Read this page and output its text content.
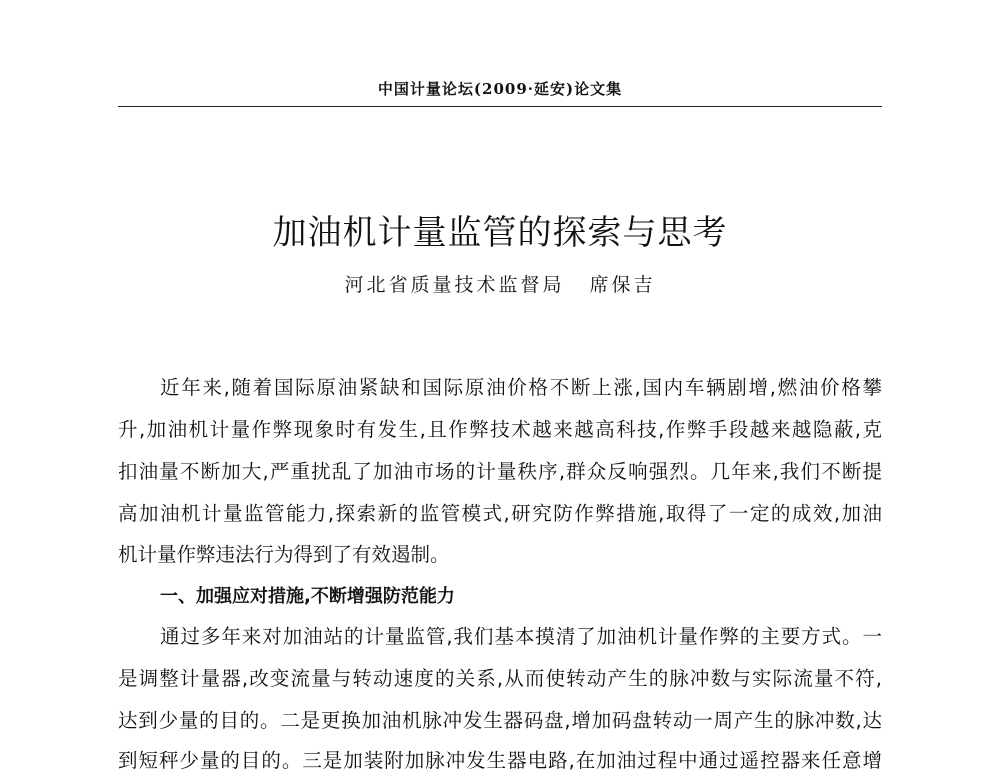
中国计量论坛(2009·延安)论文集
加油机计量监管的探索与思考
河北省质量技术监督局 席保吉
近年来,随着国际原油紧缺和国际原油价格不断上涨,国内车辆剧增,燃油价格攀
升,加油机计量作弊现象时有发生,且作弊技术越来越高科技,作弊手段越来越隐蔽,克
扣油量不断加大,严重扰乱了加油市场的计量秩序,群众反响强烈。几年来,我们不断提
高加油机计量监管能力,探索新的监管模式,研究防作弊措施,取得了一定的成效,加油
机计量作弊违法行为得到了有效遏制。
一、加强应对措施,不断增强防范能力
通过多年来对加油站的计量监管,我们基本摸清了加油机计量作弊的主要方式。一
是调整计量器,改变流量与转动速度的关系,从而使转动产生的脉冲数与实际流量不符,
达到少量的目的。二是更换加油机脉冲发生器码盘,增加码盘转动一周产生的脉冲数,达
到短秤少量的目的。三是加装附加脉冲发生器电路,在加油过程中通过遥控器来任意增
